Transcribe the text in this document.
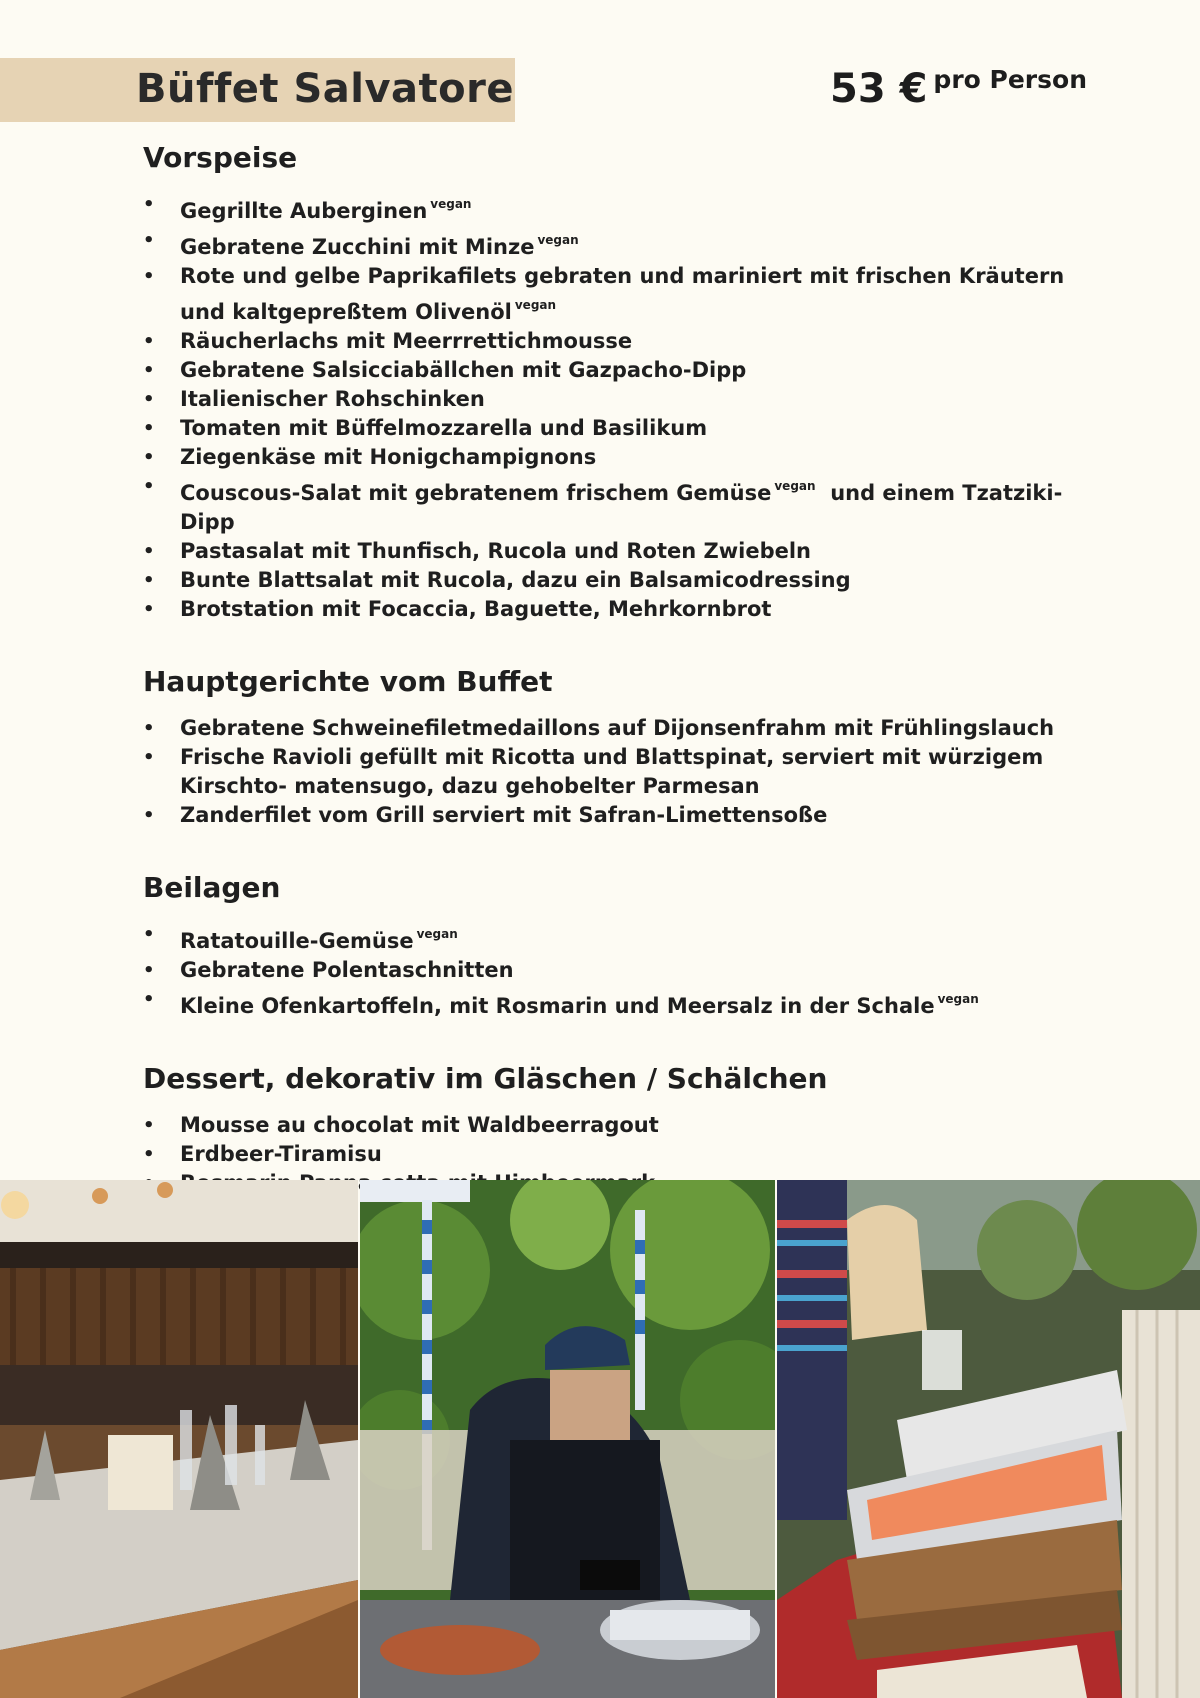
Büffet Salvatore	53 € pro Person
Vorspeise
• Gegrillte Auberginen $^{vegan}$
• Gebratene Zucchini mit Minze $^{vegan}$
• Rote und gelbe Paprikafilets gebraten und mariniert mit frischen Kräutern und kaltgepreßtem Olivenöl $^{vegan}$
• Räucherlachs mit Meerrrettichmousse
• Gebratene Salsicciabällchen mit Gazpacho-Dipp
• Italienischer Rohschinken
• Tomaten mit Büffelmozzarella und Basilikum
• Ziegenkäse mit Honigchampignons
• Couscous-Salat mit gebratenem frischem Gemüse $^{vegan}$ und einem Tzatziki-Dipp
• Pastasalat mit Thunfisch, Rucola und Roten Zwiebeln
• Bunte Blattsalat mit Rucola, dazu ein Balsamicodressing
• Brotstation mit Focaccia, Baguette, Mehrkornbrot
Hauptgerichte vom Buffet
• Gebratene Schweinefiletmedaillons auf Dijonsenfrahm mit Frühlingslauch
• Frische Ravioli gefüllt mit Ricotta und Blattspinat, serviert mit würzigem Kirschto- matensugo, dazu gehobelter Parmesan
• Zanderfilet vom Grill serviert mit Safran-Limettensoße
Beilagen
• Ratatouille-Gemüse $^{vegan}$
• Gebratene Polentaschnitten
• Kleine Ofenkartoffeln, mit Rosmarin und Meersalz in der Schale $^{vegan}$
Dessert, dekorativ im Gläschen / Schälchen
• Mousse au chocolat mit Waldbeerragout
• Erdbeer-Tiramisu
•
